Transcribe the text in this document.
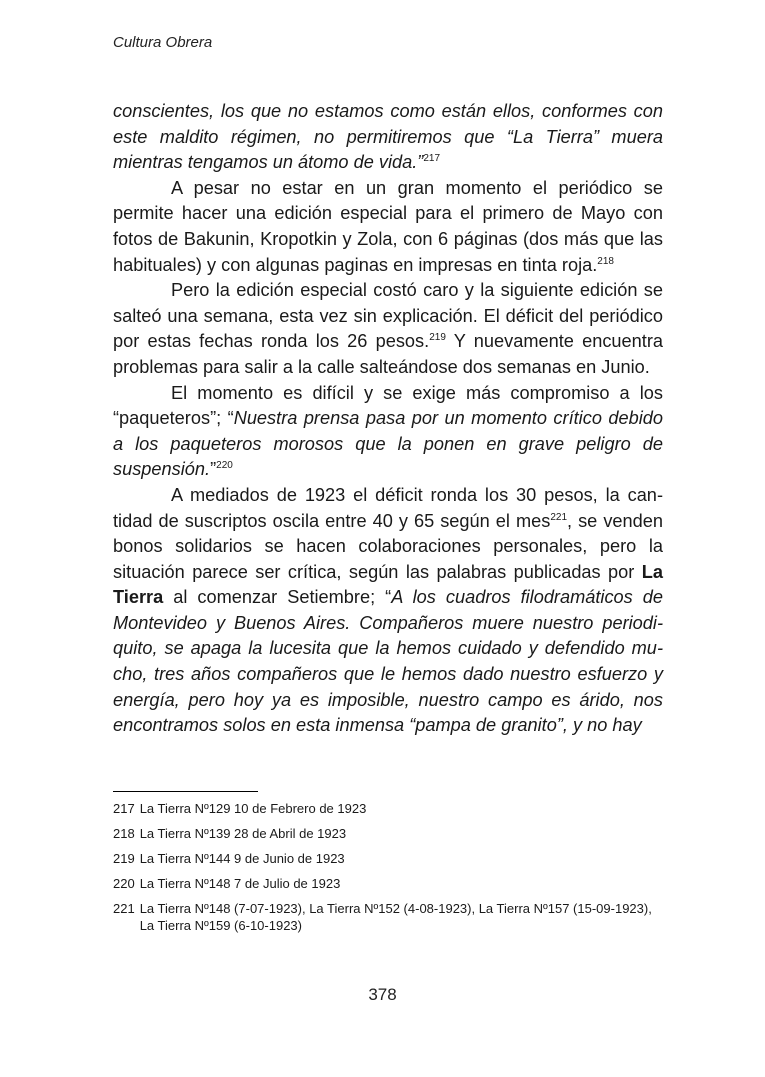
Cultura Obrera

conscientes, los que no estamos como están ellos, conformes con este maldito régimen, no permitiremos que “La Tierra” muera mientras tengamos un átomo de vida.”$^{217}$

A pesar no estar en un gran momento el periódico se permite hacer una edición especial para el primero de Mayo con fotos de Bakunin, Kropotkin y Zola, con 6 páginas (dos más que las habituales) y con algunas paginas en impresas en tinta roja.$^{218}$

Pero la edición especial costó caro y la siguiente edición se salteó una semana, esta vez sin explicación. El déficit del periódico por estas fechas ronda los 26 pesos.$^{219}$ Y nuevamente encuentra problemas para salir a la calle salteándose dos semanas en Junio.

El momento es difícil y se exige más compromiso a los “paqueteros”; “Nuestra prensa pasa por un momento crítico debido a los paqueteros morosos que la ponen en grave peligro de suspensión.”$^{220}$

A mediados de 1923 el déficit ronda los 30 pesos, la cantidad de suscriptos oscila entre 40 y 65 según el mes$^{221}$, se venden bonos solidarios se hacen colaboraciones personales, pero la situación parece ser crítica, según las palabras publicadas por La Tierra al comenzar Setiembre; “A los cuadros filodramáticos de Montevideo y Buenos Aires. Compañeros muere nuestro periodiquito, se apaga la lucesita que la hemos cuidado y defendido mucho, tres años compañeros que le hemos dado nuestro esfuerzo y energía, pero hoy ya es imposible, nuestro campo es árido, nos encontramos solos en esta inmensa “pampa de granito”, y no hay

217 La Tierra Nº129 10 de Febrero de 1923
218 La Tierra Nº139 28 de Abril de 1923
219 La Tierra Nº144 9 de Junio de 1923
220 La Tierra Nº148 7 de Julio de 1923
221 La Tierra Nº148 (7-07-1923), La Tierra Nº152 (4-08-1923), La Tierra Nº157 (15-09-1923), La Tierra Nº159 (6-10-1923)
378
